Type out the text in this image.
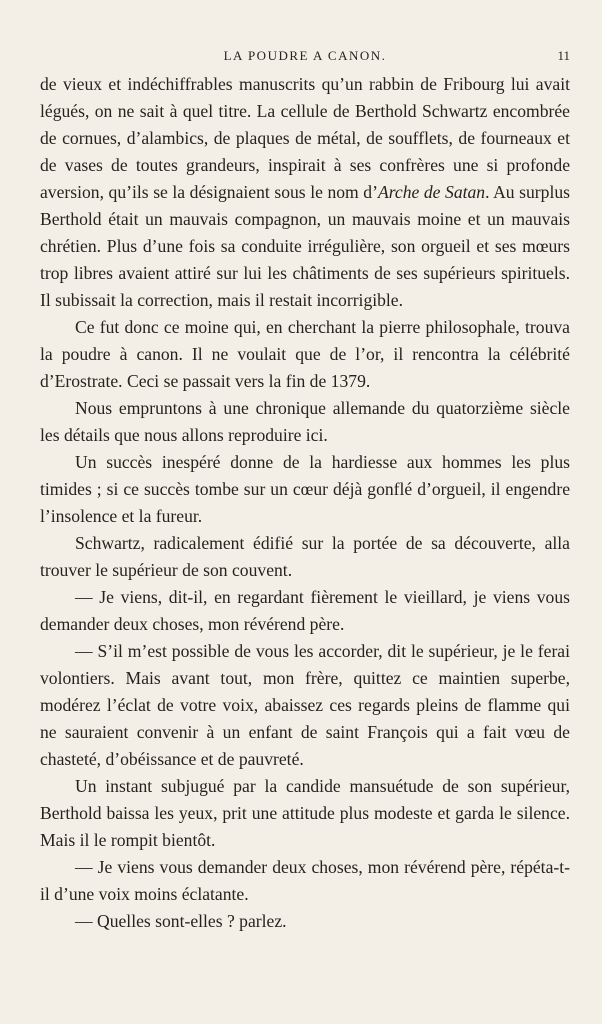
LA POUDRE A CANON.	11

de vieux et indéchiffrables manuscrits qu’un rabbin de Fribourg lui avait légués, on ne sait à quel titre. La cellule de Berthold Schwartz encombrée de cornues, d’alambics, de plaques de métal, de soufflets, de fourneaux et de vases de toutes grandeurs, inspirait à ses confrères une si profonde aversion, qu’ils se la désignaient sous le nom d’Arche de Satan. Au surplus Berthold était un mauvais compagnon, un mauvais moine et un mauvais chrétien. Plus d’une fois sa conduite irrégulière, son orgueil et ses mœurs trop libres avaient attiré sur lui les châtiments de ses supérieurs spirituels. Il subissait la correction, mais il restait incorrigible.

Ce fut donc ce moine qui, en cherchant la pierre philosophale, trouva la poudre à canon. Il ne voulait que de l’or, il rencontra la célébrité d’Erostrate. Ceci se passait vers la fin de 1379.

Nous empruntons à une chronique allemande du quatorzième siècle les détails que nous allons reproduire ici.

Un succès inespéré donne de la hardiesse aux hommes les plus timides ; si ce succès tombe sur un cœur déjà gonflé d’orgueil, il engendre l’insolence et la fureur.

Schwartz, radicalement édifié sur la portée de sa découverte, alla trouver le supérieur de son couvent.

— Je viens, dit-il, en regardant fièrement le vieillard, je viens vous demander deux choses, mon révérend père.

— S’il m’est possible de vous les accorder, dit le supérieur, je le ferai volontiers. Mais avant tout, mon frère, quittez ce maintien superbe, modérez l’éclat de votre voix, abaissez ces regards pleins de flamme qui ne sauraient convenir à un enfant de saint François qui a fait vœu de chasteté, d’obéissance et de pauvreté.

Un instant subjugué par la candide mansuétude de son supérieur, Berthold baissa les yeux, prit une attitude plus modeste et garda le silence. Mais il le rompit bientôt.

— Je viens vous demander deux choses, mon révérend père, répéta-t-il d’une voix moins éclatante.

— Quelles sont-elles ? parlez.
